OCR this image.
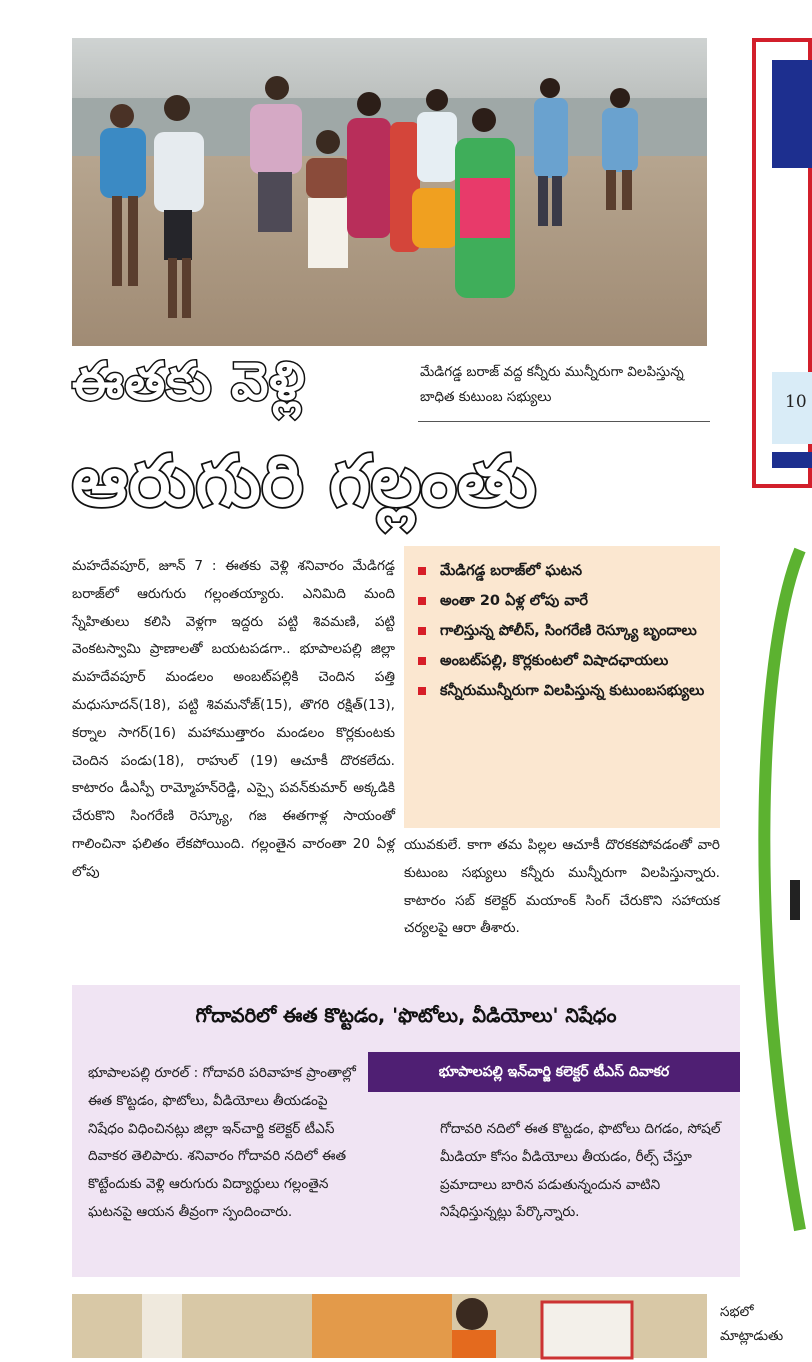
ఈతకు వెళ్లి
ఆరుగురి గల్లంతు
మేడిగడ్డ బరాజ్ వద్ద కన్నీరు మున్నీరుగా విలపిస్తున్న బాధిత కుటుంబ సభ్యులు
మహదేవపూర్, జూన్ 7 : ఈతకు వెళ్లి శనివారం మేడిగడ్డ బరాజ్‌లో ఆరుగురు గల్లంతయ్యారు. ఎనిమిది మంది స్నేహితులు కలిసి వెళ్లగా ఇద్దరు పట్టి శివమణి, పట్టి వెంకటస్వామి ప్రాణాలతో బయటపడగా.. భూపాలపల్లి జిల్లా మహదేవపూర్ మండలం అంబట్‌పల్లికి చెందిన పత్తి మధుసూదన్(18), పట్టి శివమనోజ్(15), తొగరి రక్షిత్(13), కర్నాల సాగర్(16) మహాముత్తారం మండలం కొర్లకుంటకు చెందిన పండు(18), రాహుల్ (19) ఆచూకీ దొరకలేదు. కాటారం డీఎస్పీ రామ్మోహన్‌రెడ్డి, ఎస్సై పవన్‌కుమార్ అక్కడికి చేరుకొని సింగరేణి రెస్క్యూ, గజ ఈతగాళ్ల సాయంతో గాలించినా ఫలితం లేకపోయింది. గల్లంతైన వారంతా 20 ఏళ్ల లోపు
మేడిగడ్డ బరాజ్‌లో ఘటన
అంతా 20 ఏళ్ల లోపు వారే
గాలిస్తున్న పోలీస్, సింగరేణి రెస్క్యూ బృందాలు
అంబట్‌పల్లి, కొర్లకుంటలో విషాదఛాయలు
కన్నీరుమున్నీరుగా విలపిస్తున్న కుటుంబసభ్యులు
యువకులే. కాగా తమ పిల్లల ఆచూకీ దొరకకపోవడంతో వారి కుటుంబ సభ్యులు కన్నీరు మున్నీరుగా విలపిస్తున్నారు. కాటారం సబ్ కలెక్టర్ మయాంక్ సింగ్ చేరుకొని సహాయక చర్యలపై ఆరా తీశారు.
గోదావరిలో ఈత కొట్టడం, 'ఫొటోలు, వీడియోలు' నిషేధం
భూపాలపల్లి ఇన్‌చార్జి కలెక్టర్ టీఎస్ దివాకర
భూపాలపల్లి రూరల్ : గోదావరి పరివాహక ప్రాంతాల్లో ఈత కొట్టడం, ఫొటోలు, వీడియోలు తీయడంపై నిషేధం విధించినట్లు జిల్లా ఇన్‌చార్జి కలెక్టర్ టీఎస్ దివాకర తెలిపారు. శనివారం గోదావరి నదిలో ఈత కొట్టేందుకు వెళ్లి ఆరుగురు విద్యార్థులు గల్లంతైన ఘటనపై ఆయన తీవ్రంగా స్పందించారు.
గోదావరి నదిలో ఈత కొట్టడం, ఫొటోలు దిగడం, సోషల్ మీడియా కోసం వీడియోలు తీయడం, రీల్స్ చేస్తూ ప్రమాదాలు బారిన పడుతున్నందున వాటిని నిషేధిస్తున్నట్లు పేర్కొన్నారు.
సభలో మాట్లాడుతు
10
